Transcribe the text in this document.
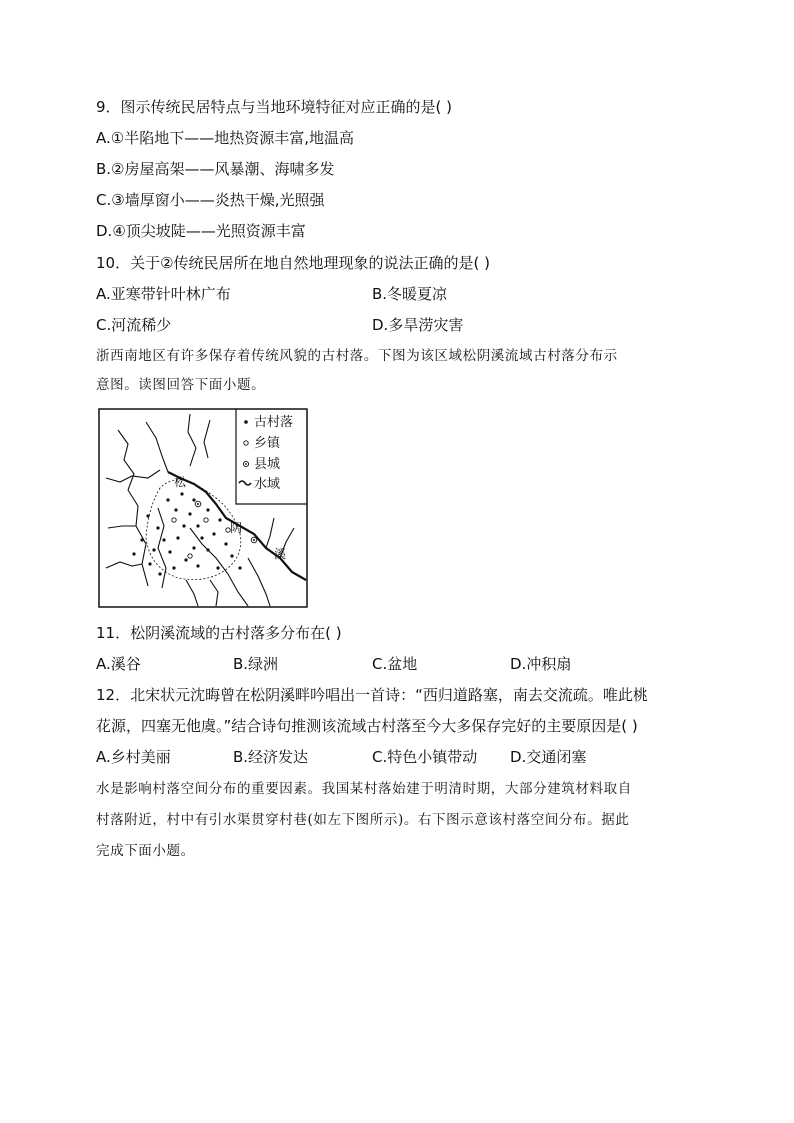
9．图示传统民居特点与当地环境特征对应正确的是( )
A.①半陷地下——地热资源丰富,地温高
B.②房屋高架——风暴潮、海啸多发
C.③墙厚窗小——炎热干燥,光照强
D.④顶尖坡陡——光照资源丰富
10．关于②传统民居所在地自然地理现象的说法正确的是( )
A.亚寒带针叶林广布	B.冬暖夏凉
C.河流稀少	D.多旱涝灾害
浙西南地区有许多保存着传统风貌的古村落。下图为该区域松阴溪流域古村落分布示
意图。读图回答下面小题。
古村落
乡镇
县城
水域
松
阴
溪
11．松阴溪流域的古村落多分布在( )
A.溪谷	B.绿洲	C.盆地	D.冲积扇
12．北宋状元沈晦曾在松阴溪畔吟唱出一首诗：“西归道路塞，南去交流疏。唯此桃
花源，四塞无他虞。”结合诗句推测该流域古村落至今大多保存完好的主要原因是( )
A.乡村美丽	B.经济发达	C.特色小镇带动 D.交通闭塞
水是影响村落空间分布的重要因素。我国某村落始建于明清时期，大部分建筑材料取自
村落附近，村中有引水渠贯穿村巷(如左下图所示)。右下图示意该村落空间分布。据此
完成下面小题。
